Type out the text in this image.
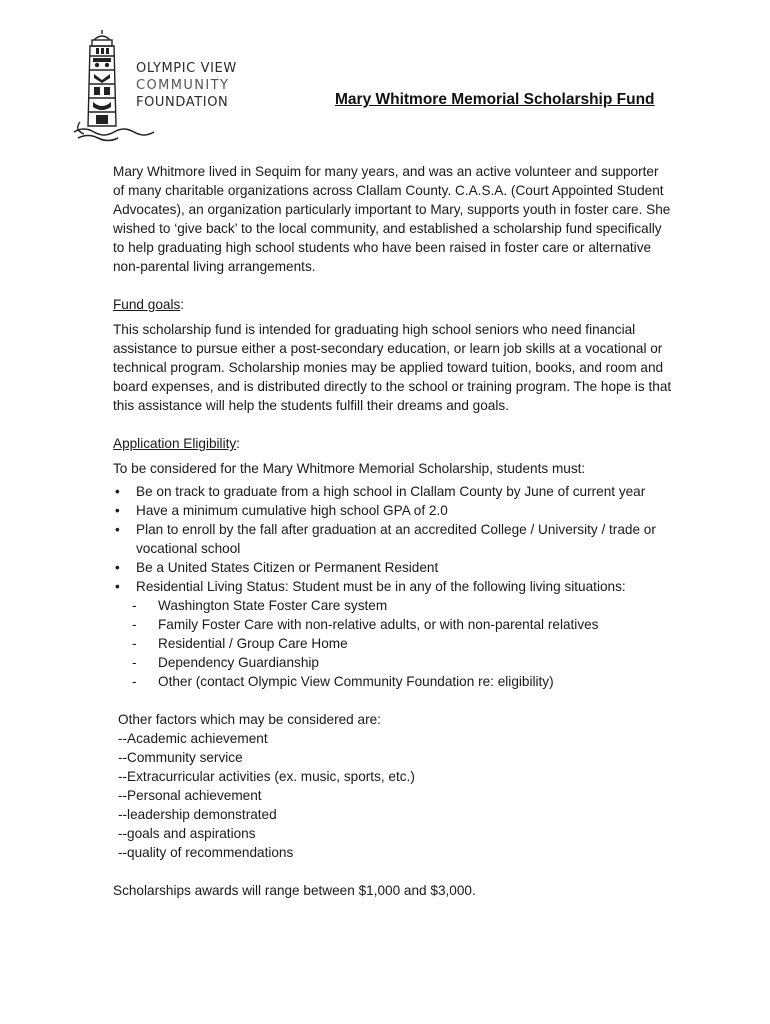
OLYMPIC VIEW
COMMUNITY
FOUNDATION	Mary Whitmore Memorial Scholarship Fund

Mary Whitmore lived in Sequim for many years, and was an active volunteer and supporter of many charitable organizations across Clallam County. C.A.S.A. (Court Appointed Student Advocates), an organization particularly important to Mary, supports youth in foster care. She wished to ‘give back’ to the local community, and established a scholarship fund specifically to help graduating high school students who have been raised in foster care or alternative non-parental living arrangements.

Fund goals:

This scholarship fund is intended for graduating high school seniors who need financial assistance to pursue either a post-secondary education, or learn job skills at a vocational or technical program. Scholarship monies may be applied toward tuition, books, and room and board expenses, and is distributed directly to the school or training program. The hope is that this assistance will help the students fulfill their dreams and goals.

Application Eligibility:

To be considered for the Mary Whitmore Memorial Scholarship, students must:

• Be on track to graduate from a high school in Clallam County by June of current year
• Have a minimum cumulative high school GPA of 2.0
• Plan to enroll by the fall after graduation at an accredited College / University / trade or vocational school
• Be a United States Citizen or Permanent Resident
• Residential Living Status: Student must be in any of the following living situations:
- Washington State Foster Care system
- Family Foster Care with non-relative adults, or with non-parental relatives
- Residential / Group Care Home
- Dependency Guardianship
- Other (contact Olympic View Community Foundation re: eligibility)
Other factors which may be considered are:
--Academic achievement
--Community service
--Extracurricular activities (ex. music, sports, etc.)
--Personal achievement
--leadership demonstrated
--goals and aspirations
--quality of recommendations

Scholarships awards will range between $1,000 and $3,000.
